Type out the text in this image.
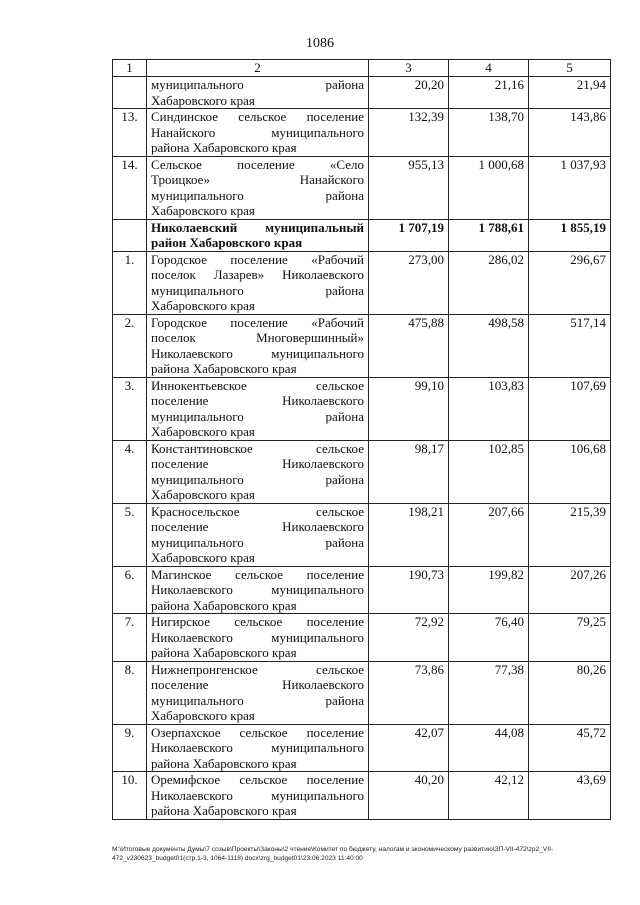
1086
1	2	3	4	5

	муниципального района
Хабаровского края	20,20	21,16	21,94
13.	Синдинское сельское поселение
Нанайского муниципального
района Хабаровского края	132,39	138,70	143,86
14.	Сельское поселение «Село
Троицкое» Нанайского
муниципального района
Хабаровского края	955,13	1 000,68	1 037,93

	Николаевский муниципальный
район Хабаровского края	1 707,19	1 788,61	1 855,19
1.	Городское поселение «Рабочий
поселок Лазарев» Николаевского
муниципального района
Хабаровского края	273,00	286,02	296,67
2.	Городское поселение «Рабочий
поселок Многовершинный»
Николаевского муниципального
района Хабаровского края	475,88	498,58	517,14
3.	Иннокентьевское сельское
поселение Николаевского
муниципального района
Хабаровского края	99,10	103,83	107,69
4.	Константиновское сельское
поселение Николаевского
муниципального района
Хабаровского края	98,17	102,85	106,68
5.	Красносельское сельское
поселение Николаевского
муниципального района
Хабаровского края	198,21	207,66	215,39
6.	Магинское сельское поселение
Николаевского муниципального
района Хабаровского края	190,73	199,82	207,26
7.	Нигирское сельское поселение
Николаевского муниципального
района Хабаровского края	72,92	76,40	79,25
8.	Нижнепронгенское сельское
поселение Николаевского
муниципального района
Хабаровского края	73,86	77,38	80,26
9.	Озерпахское сельское поселение
Николаевского муниципального
района Хабаровского края	42,07	44,08	45,72
10.	Оремифское сельское поселение
Николаевского муниципального
района Хабаровского края	40,20	42,12	43,69
M:\Итоговые документы Думы\7 созыв\Проекты\Законы\2 чтение\Комитет по бюджету, налогам и экономическому развитию\ЗП-VII-472\zp2_VII-472_v230623_budget01(стр.1-3, 1064-1118).docx\zrg_budget01\23.06.2023 11:40:00
